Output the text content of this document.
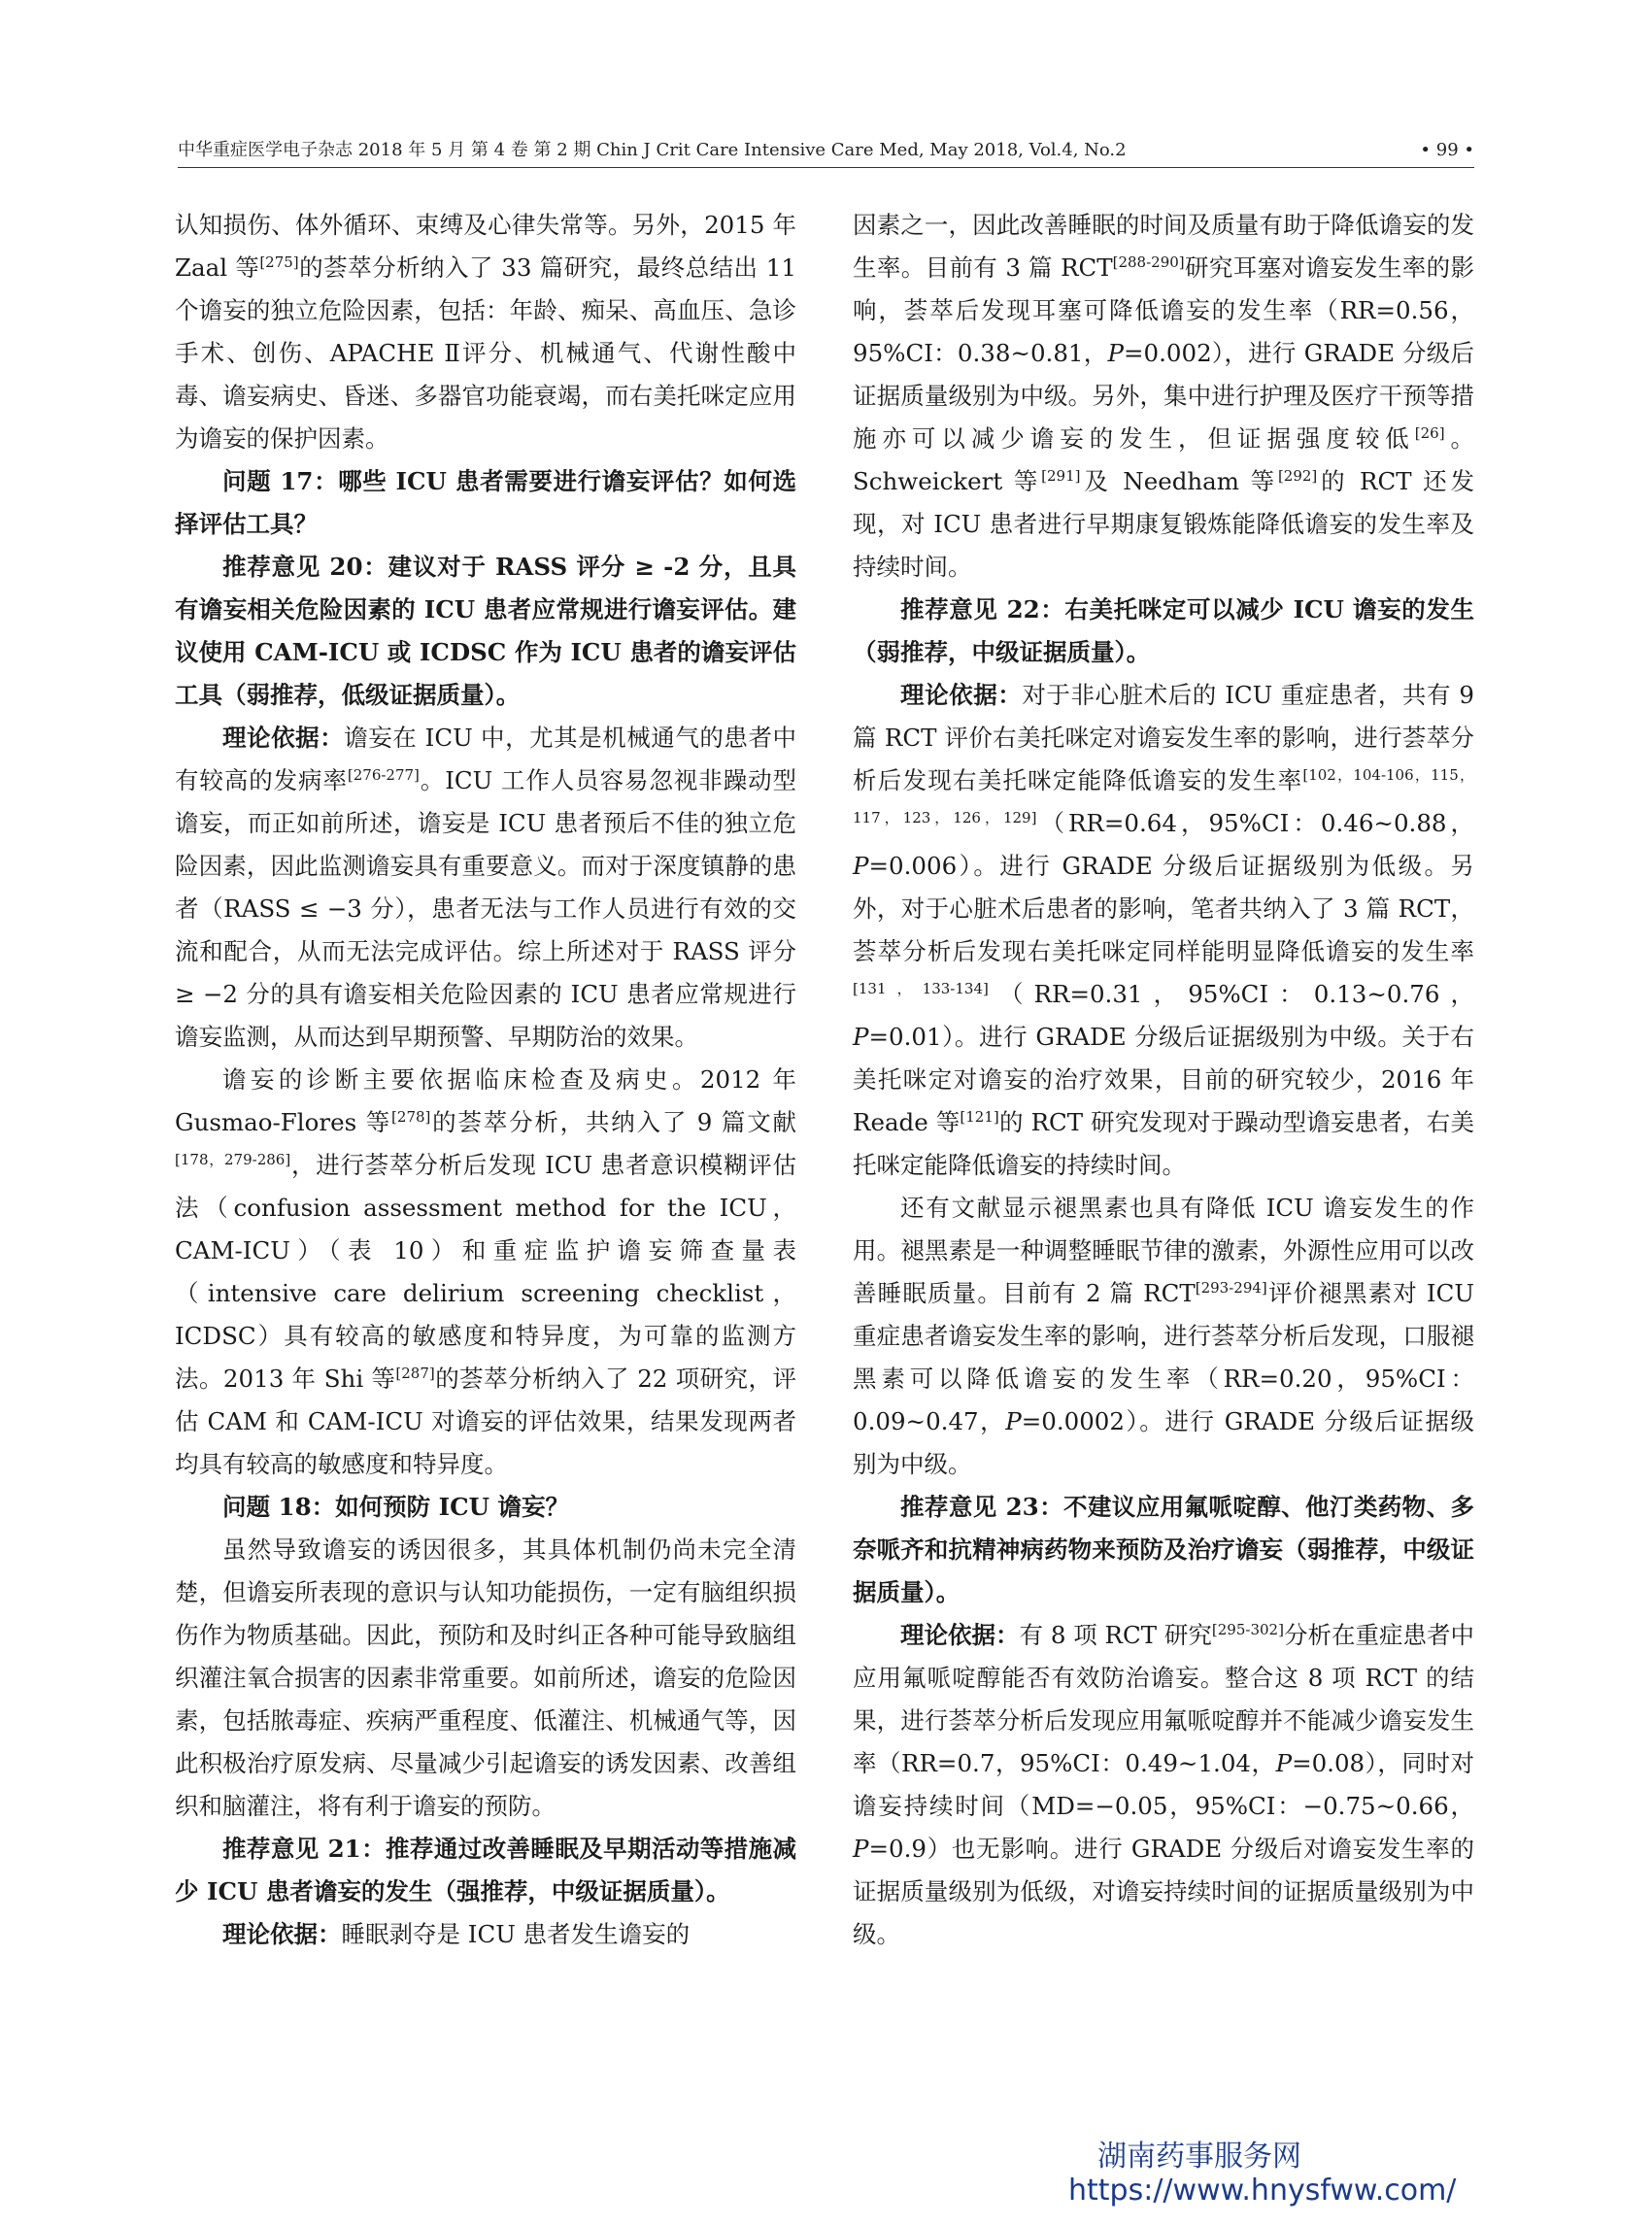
中华重症医学电子杂志 2018 年 5 月 第 4 卷 第 2 期 Chin J Crit Care Intensive Care Med, May 2018, Vol.4, No.2	• 99 •

认知损伤、体外循环、束缚及心律失常等。另外，2015 年 Zaal 等[275]的荟萃分析纳入了 33 篇研究，最终总结出 11 个谵妄的独立危险因素，包括：年龄、痴呆、高血压、急诊手术、创伤、APACHE Ⅱ评分、机械通气、代谢性酸中毒、谵妄病史、昏迷、多器官功能衰竭，而右美托咪定应用为谵妄的保护因素。

问题 17：哪些 ICU 患者需要进行谵妄评估？如何选择评估工具？

推荐意见 20：建议对于 RASS 评分 ≥ -2 分，且具有谵妄相关危险因素的 ICU 患者应常规进行谵妄评估。建议使用 CAM-ICU 或 ICDSC 作为 ICU 患者的谵妄评估工具（弱推荐，低级证据质量）。

理论依据：谵妄在 ICU 中，尤其是机械通气的患者中有较高的发病率[276-277]。ICU 工作人员容易忽视非躁动型谵妄，而正如前所述，谵妄是 ICU 患者预后不佳的独立危险因素，因此监测谵妄具有重要意义。而对于深度镇静的患者（RASS ≤ −3 分），患者无法与工作人员进行有效的交流和配合，从而无法完成评估。综上所述对于 RASS 评分 ≥ −2 分的具有谵妄相关危险因素的 ICU 患者应常规进行谵妄监测，从而达到早期预警、早期防治的效果。

谵妄的诊断主要依据临床检查及病史。2012 年 Gusmao-Flores 等[278]的荟萃分析，共纳入了 9 篇文献[178，279-286]，进行荟萃分析后发现 ICU 患者意识模糊评估法（confusion assessment method for the ICU，CAM-ICU）（表 10）和重症监护谵妄筛查量表（intensive care delirium screening checklist，ICDSC）具有较高的敏感度和特异度，为可靠的监测方法。2013 年 Shi 等[287]的荟萃分析纳入了 22 项研究，评估 CAM 和 CAM-ICU 对谵妄的评估效果，结果发现两者均具有较高的敏感度和特异度。

问题 18：如何预防 ICU 谵妄？

虽然导致谵妄的诱因很多，其具体机制仍尚未完全清楚，但谵妄所表现的意识与认知功能损伤，一定有脑组织损伤作为物质基础。因此，预防和及时纠正各种可能导致脑组织灌注氧合损害的因素非常重要。如前所述，谵妄的危险因素，包括脓毒症、疾病严重程度、低灌注、机械通气等，因此积极治疗原发病、尽量减少引起谵妄的诱发因素、改善组织和脑灌注，将有利于谵妄的预防。

推荐意见 21：推荐通过改善睡眠及早期活动等措施减少 ICU 患者谵妄的发生（强推荐，中级证据质量）。

理论依据：睡眠剥夺是 ICU 患者发生谵妄的

因素之一，因此改善睡眠的时间及质量有助于降低谵妄的发生率。目前有 3 篇 RCT[288-290]研究耳塞对谵妄发生率的影响，荟萃后发现耳塞可降低谵妄的发生率（RR=0.56，95%CI：0.38~0.81，P=0.002），进行 GRADE 分级后证据质量级别为中级。另外，集中进行护理及医疗干预等措施亦可以减少谵妄的发生，但证据强度较低[26]。Schweickert 等[291]及 Needham 等[292]的 RCT 还发现，对 ICU 患者进行早期康复锻炼能降低谵妄的发生率及持续时间。

推荐意见 22：右美托咪定可以减少 ICU 谵妄的发生（弱推荐，中级证据质量）。

理论依据：对于非心脏术后的 ICU 重症患者，共有 9 篇 RCT 评价右美托咪定对谵妄发生率的影响，进行荟萃分析后发现右美托咪定能降低谵妄的发生率[102，104-106，115，117，123，126，129]（RR=0.64，95%CI：0.46~0.88，P=0.006）。进行 GRADE 分级后证据级别为低级。另外，对于心脏术后患者的影响，笔者共纳入了 3 篇 RCT，荟萃分析后发现右美托咪定同样能明显降低谵妄的发生率[131，133-134]（RR=0.31，95%CI：0.13~0.76，P=0.01）。进行 GRADE 分级后证据级别为中级。关于右美托咪定对谵妄的治疗效果，目前的研究较少，2016 年 Reade 等[121]的 RCT 研究发现对于躁动型谵妄患者，右美托咪定能降低谵妄的持续时间。

还有文献显示褪黑素也具有降低 ICU 谵妄发生的作用。褪黑素是一种调整睡眠节律的激素，外源性应用可以改善睡眠质量。目前有 2 篇 RCT[293-294]评价褪黑素对 ICU 重症患者谵妄发生率的影响，进行荟萃分析后发现，口服褪黑素可以降低谵妄的发生率（RR=0.20，95%CI：0.09~0.47，P=0.0002）。进行 GRADE 分级后证据级别为中级。

推荐意见 23：不建议应用氟哌啶醇、他汀类药物、多奈哌齐和抗精神病药物来预防及治疗谵妄（弱推荐，中级证据质量）。

理论依据：有 8 项 RCT 研究[295-302]分析在重症患者中应用氟哌啶醇能否有效防治谵妄。整合这 8 项 RCT 的结果，进行荟萃分析后发现应用氟哌啶醇并不能减少谵妄发生率（RR=0.7，95%CI：0.49~1.04，P=0.08），同时对谵妄持续时间（MD=−0.05，95%CI：−0.75~0.66，P=0.9）也无影响。进行 GRADE 分级后对谵妄发生率的证据质量级别为低级，对谵妄持续时间的证据质量级别为中级。

湖南药事服务网
https://www.hnysfww.com/
